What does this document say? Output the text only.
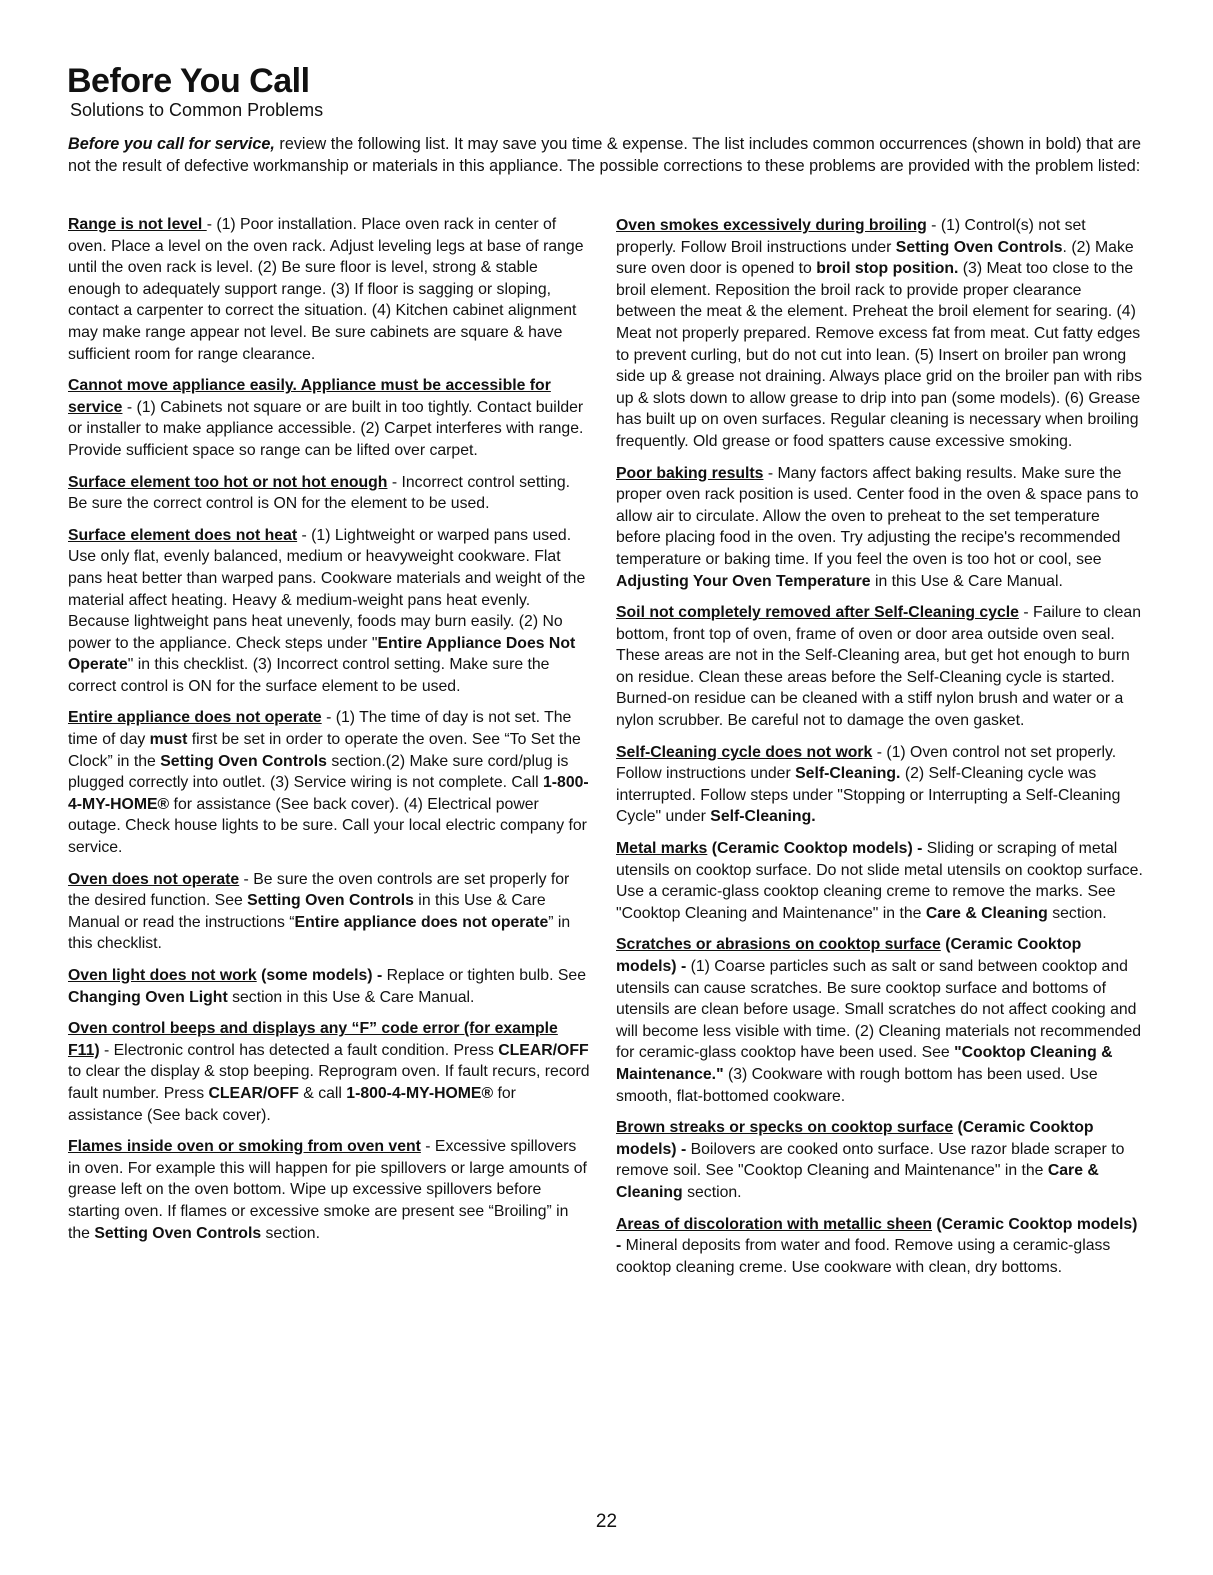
Before You Call
Solutions to Common Problems

Before you call for service, review the following list. It may save you time & expense. The list includes common occurrences (shown in bold) that are not the result of defective workmanship or materials in this appliance. The possible corrections to these problems are provided with the problem listed:

Range is not level - (1) Poor installation. Place oven rack in center of oven. Place a level on the oven rack. Adjust leveling legs at base of range until the oven rack is level. (2) Be sure floor is level, strong & stable enough to adequately support range. (3) If floor is sagging or sloping, contact a carpenter to correct the situation. (4) Kitchen cabinet alignment may make range appear not level. Be sure cabinets are square & have sufficient room for range clearance.

Cannot move appliance easily. Appliance must be accessible for service - (1) Cabinets not square or are built in too tightly. Contact builder or installer to make appliance accessible. (2) Carpet interferes with range. Provide sufficient space so range can be lifted over carpet.

Surface element too hot or not hot enough - Incorrect control setting. Be sure the correct control is ON for the element to be used.

Surface element does not heat - (1) Lightweight or warped pans used. Use only flat, evenly balanced, medium or heavyweight cookware. Flat pans heat better than warped pans. Cookware materials and weight of the material affect heating. Heavy & medium-weight pans heat evenly. Because lightweight pans heat unevenly, foods may burn easily. (2) No power to the appliance. Check steps under "Entire Appliance Does Not Operate" in this checklist. (3) Incorrect control setting. Make sure the correct control is ON for the surface element to be used.

Entire appliance does not operate - (1) The time of day is not set. The time of day must first be set in order to operate the oven. See “To Set the Clock” in the Setting Oven Controls section.(2) Make sure cord/plug is plugged correctly into outlet. (3) Service wiring is not complete. Call 1-800-4-MY-HOME® for assistance (See back cover). (4) Electrical power outage. Check house lights to be sure. Call your local electric company for service.

Oven does not operate - Be sure the oven controls are set properly for the desired function. See Setting Oven Controls in this Use & Care Manual or read the instructions “Entire appliance does not operate” in this checklist.

Oven light does not work (some models) - Replace or tighten bulb. See Changing Oven Light section in this Use & Care Manual.

Oven control beeps and displays any “F” code error (for example F11) - Electronic control has detected a fault condition. Press CLEAR/OFF to clear the display & stop beeping. Reprogram oven. If fault recurs, record fault number. Press CLEAR/OFF & call 1-800-4-MY-HOME® for assistance (See back cover).

Flames inside oven or smoking from oven vent - Excessive spillovers in oven. For example this will happen for pie spillovers or large amounts of grease left on the oven bottom. Wipe up excessive spillovers before starting oven. If flames or excessive smoke are present see “Broiling” in the Setting Oven Controls section.

Oven smokes excessively during broiling - (1) Control(s) not set properly. Follow Broil instructions under Setting Oven Controls. (2) Make sure oven door is opened to broil stop position. (3) Meat too close to the broil element. Reposition the broil rack to provide proper clearance between the meat & the element. Preheat the broil element for searing. (4) Meat not properly prepared. Remove excess fat from meat. Cut fatty edges to prevent curling, but do not cut into lean. (5) Insert on broiler pan wrong side up & grease not draining. Always place grid on the broiler pan with ribs up & slots down to allow grease to drip into pan (some models). (6) Grease has built up on oven surfaces. Regular cleaning is necessary when broiling frequently. Old grease or food spatters cause excessive smoking.

Poor baking results - Many factors affect baking results. Make sure the proper oven rack position is used. Center food in the oven & space pans to allow air to circulate. Allow the oven to preheat to the set temperature before placing food in the oven. Try adjusting the recipe's recommended temperature or baking time. If you feel the oven is too hot or cool, see Adjusting Your Oven Temperature in this Use & Care Manual.

Soil not completely removed after Self-Cleaning cycle - Failure to clean bottom, front top of oven, frame of oven or door area outside oven seal. These areas are not in the Self-Cleaning area, but get hot enough to burn on residue. Clean these areas before the Self-Cleaning cycle is started. Burned-on residue can be cleaned with a stiff nylon brush and water or a nylon scrubber. Be careful not to damage the oven gasket.

Self-Cleaning cycle does not work - (1) Oven control not set properly. Follow instructions under Self-Cleaning. (2) Self-Cleaning cycle was interrupted. Follow steps under "Stopping or Interrupting a Self-Cleaning Cycle" under Self-Cleaning.

Metal marks (Ceramic Cooktop models) - Sliding or scraping of metal utensils on cooktop surface. Do not slide metal utensils on cooktop surface. Use a ceramic-glass cooktop cleaning creme to remove the marks. See "Cooktop Cleaning and Maintenance" in the Care & Cleaning section.

Scratches or abrasions on cooktop surface (Ceramic Cooktop models) - (1) Coarse particles such as salt or sand between cooktop and utensils can cause scratches. Be sure cooktop surface and bottoms of utensils are clean before usage. Small scratches do not affect cooking and will become less visible with time. (2) Cleaning materials not recommended for ceramic-glass cooktop have been used. See "Cooktop Cleaning & Maintenance." (3) Cookware with rough bottom has been used. Use smooth, flat-bottomed cookware.

Brown streaks or specks on cooktop surface (Ceramic Cooktop models) - Boilovers are cooked onto surface. Use razor blade scraper to remove soil. See "Cooktop Cleaning and Maintenance" in the Care & Cleaning section.

Areas of discoloration with metallic sheen (Ceramic Cooktop models) - Mineral deposits from water and food. Remove using a ceramic-glass cooktop cleaning creme. Use cookware with clean, dry bottoms.

22
